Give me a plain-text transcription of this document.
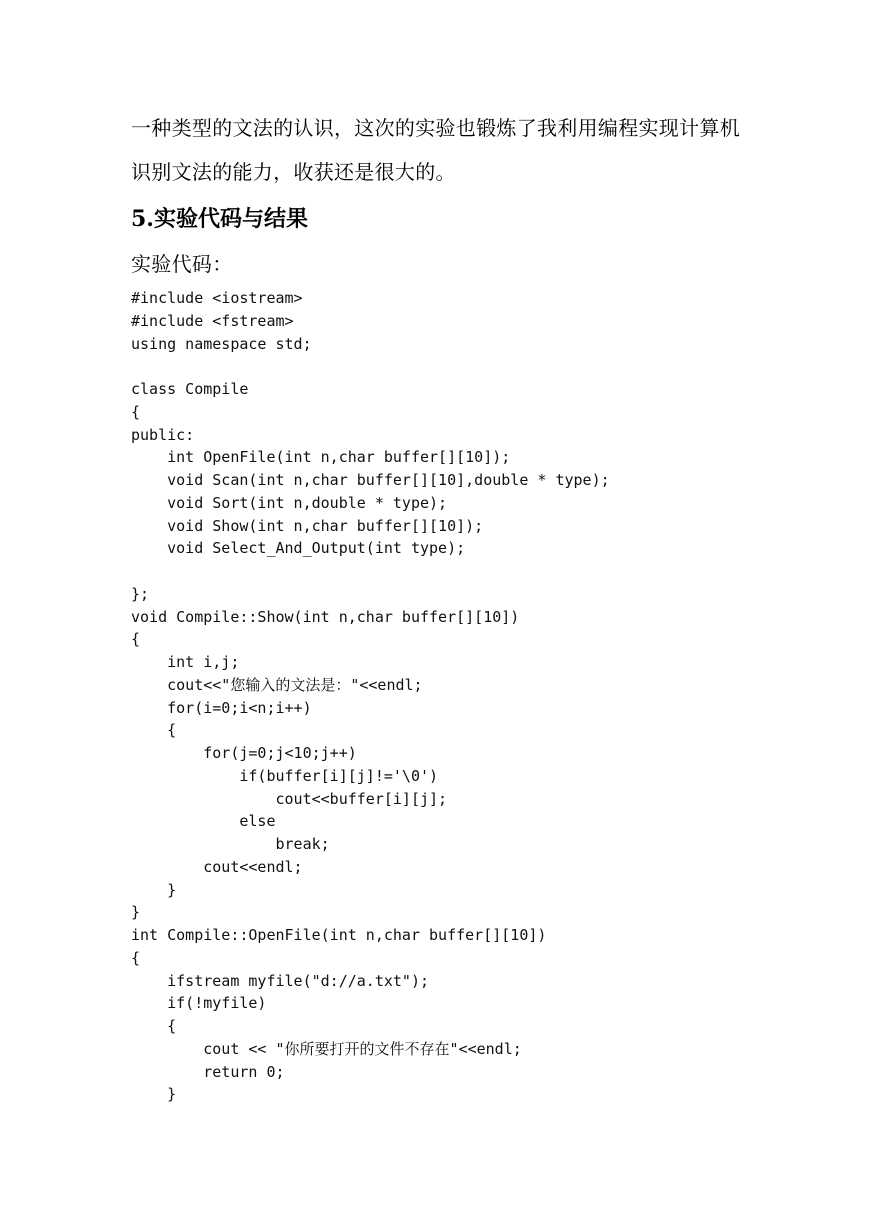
一种类型的文法的认识，这次的实验也锻炼了我利用编程实现计算机
识别文法的能力，收获还是很大的。
5.实验代码与结果
实验代码：
#include <iostream>
#include <fstream>
using namespace std;

class Compile
{
public:
int OpenFile(int n,char buffer[][10]);
void Scan(int n,char buffer[][10],double * type);
void Sort(int n,double * type);
void Show(int n,char buffer[][10]);
void Select_And_Output(int type);

};
void Compile::Show(int n,char buffer[][10])
{
int i,j;
cout<<"您输入的文法是："<<endl;
for(i=0;i<n;i++)
{
for(j=0;j<10;j++)
if(buffer[i][j]!='\0')
cout<<buffer[i][j];
else
break;
cout<<endl;
}
}
int Compile::OpenFile(int n,char buffer[][10])
{
ifstream myfile("d://a.txt");
if(!myfile)
{
cout << "你所要打开的文件不存在"<<endl;
return 0;
}
